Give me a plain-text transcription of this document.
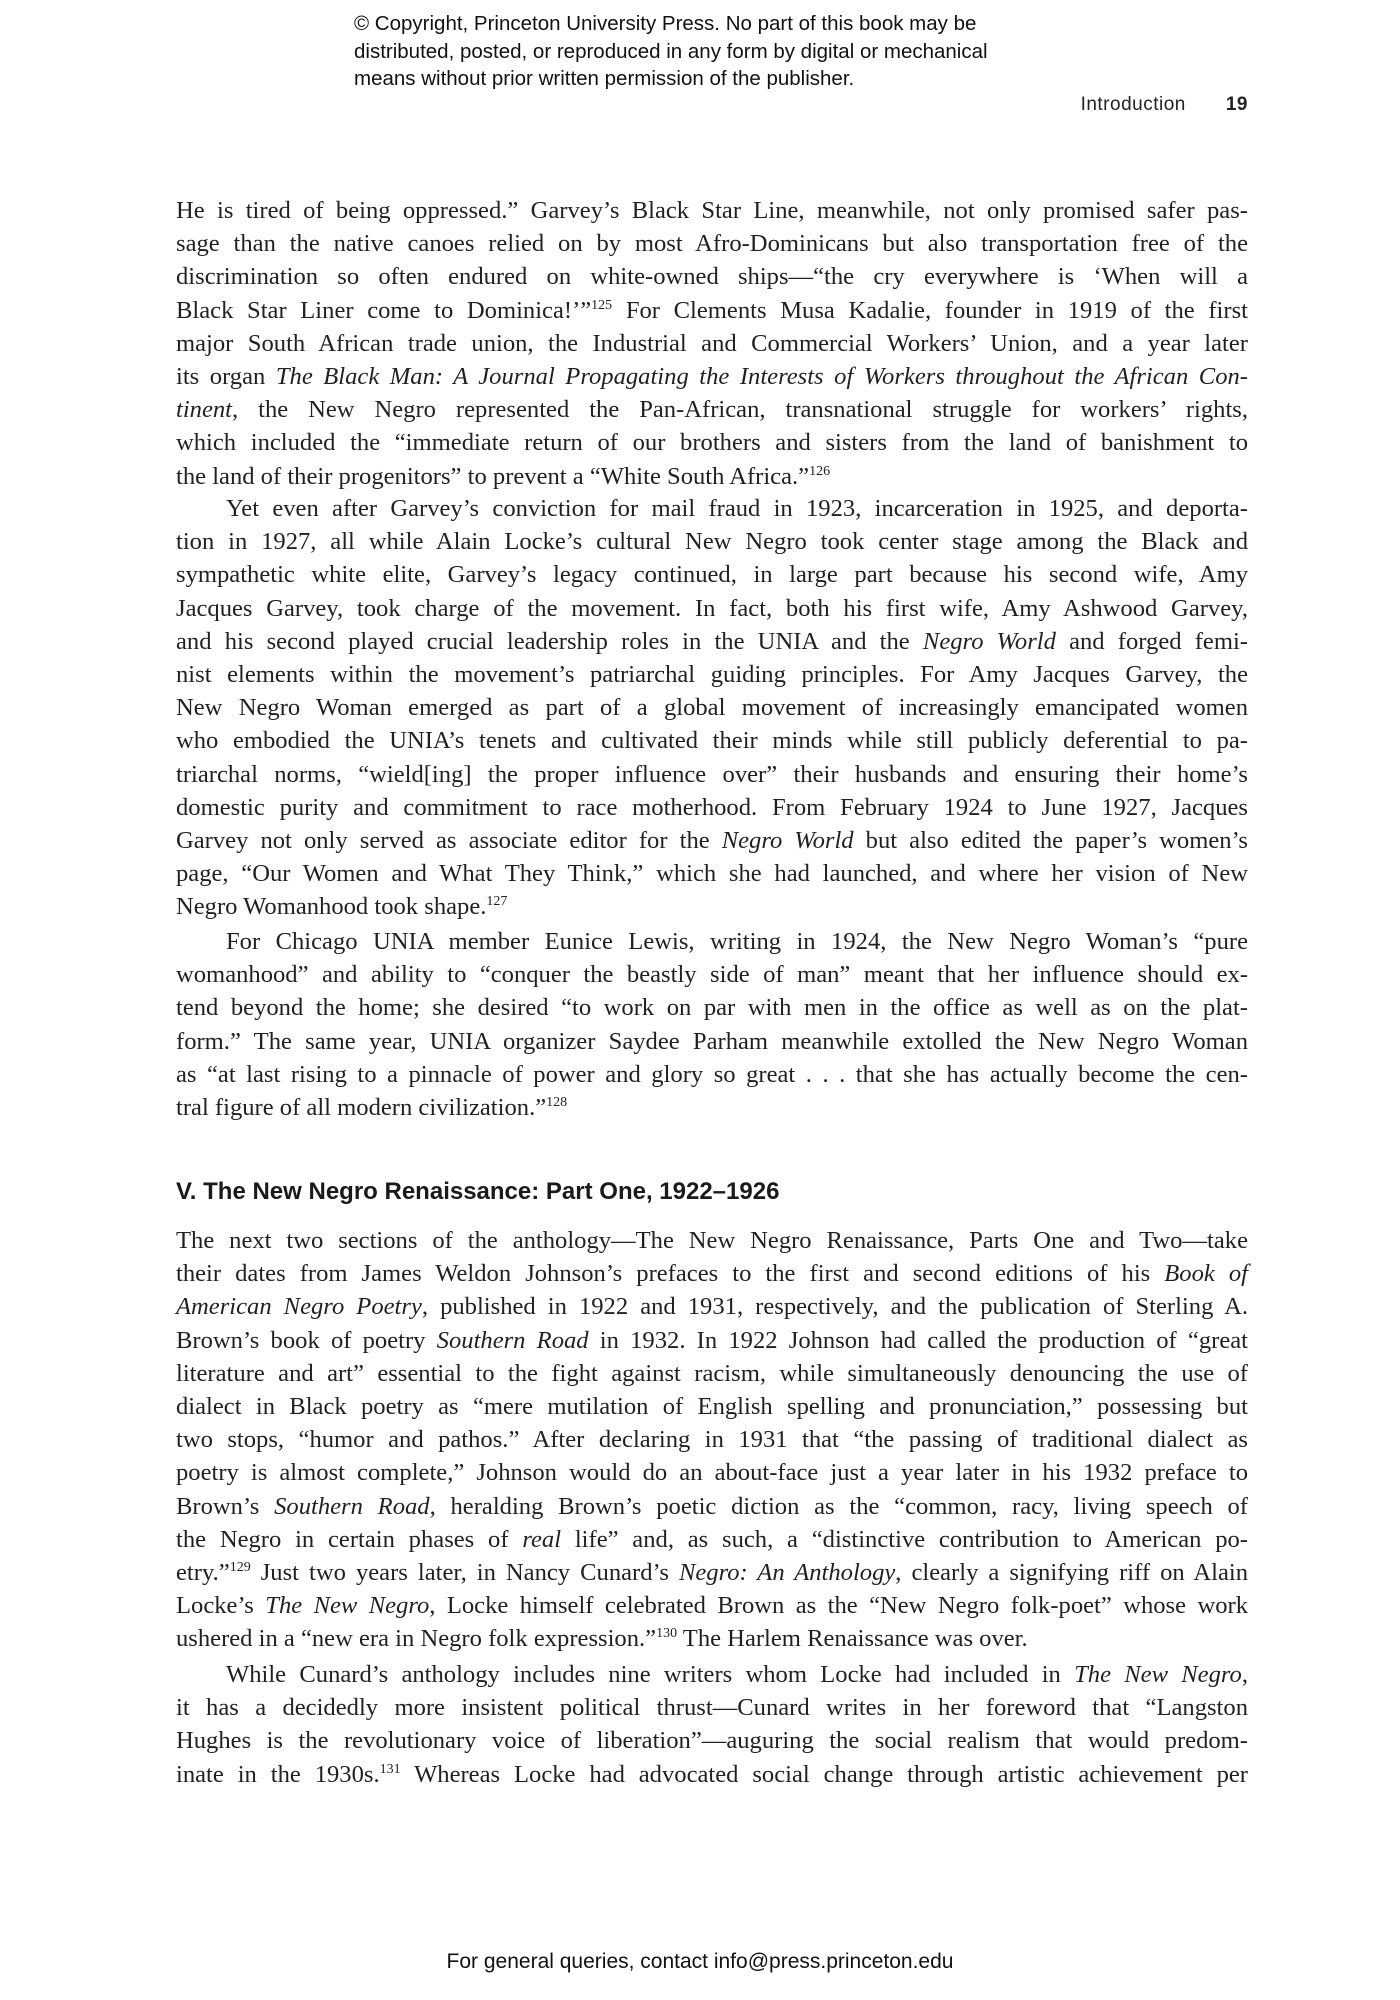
© Copyright, Princeton University Press. No part of this book may be
distributed, posted, or reproduced in any form by digital or mechanical
means without prior written permission of the publisher.
Introduction 19
He is tired of being oppressed.” Garvey’s Black Star Line, meanwhile, not only promised safer pas-
sage than the native canoes relied on by most Afro-Dominicans but also transportation free of the
discrimination so often endured on white-owned ships—“the cry everywhere is ‘When will a
Black Star Liner come to Dominica!’”$^{125}$ For Clements Musa Kadalie, founder in 1919 of the first
major South African trade union, the Industrial and Commercial Workers’ Union, and a year later
its organ The Black Man: A Journal Propagating the Interests of Workers throughout the African Con-
tinent, the New Negro represented the Pan-African, transnational struggle for workers’ rights,
which included the “immediate return of our brothers and sisters from the land of banishment to
the land of their progenitors” to prevent a “White South Africa.”$^{126}$
Yet even after Garvey’s conviction for mail fraud in 1923, incarceration in 1925, and deporta-
tion in 1927, all while Alain Locke’s cultural New Negro took center stage among the Black and
sympathetic white elite, Garvey’s legacy continued, in large part because his second wife, Amy
Jacques Garvey, took charge of the movement. In fact, both his first wife, Amy Ashwood Garvey,
and his second played crucial leadership roles in the UNIA and the Negro World and forged femi-
nist elements within the movement’s patriarchal guiding principles. For Amy Jacques Garvey, the
New Negro Woman emerged as part of a global movement of increasingly emancipated women
who embodied the UNIA’s tenets and cultivated their minds while still publicly deferential to pa-
triarchal norms, “wield[ing] the proper influence over” their husbands and ensuring their home’s
domestic purity and commitment to race motherhood. From February 1924 to June 1927, Jacques
Garvey not only served as associate editor for the Negro World but also edited the paper’s women’s
page, “Our Women and What They Think,” which she had launched, and where her vision of New
Negro Womanhood took shape.$^{127}$
For Chicago UNIA member Eunice Lewis, writing in 1924, the New Negro Woman’s “pure
womanhood” and ability to “conquer the beastly side of man” meant that her influence should ex-
tend beyond the home; she desired “to work on par with men in the office as well as on the plat-
form.” The same year, UNIA organizer Saydee Parham meanwhile extolled the New Negro Woman
as “at last rising to a pinnacle of power and glory so great . . . that she has actually become the cen-
tral figure of all modern civilization.”$^{128}$
V. The New Negro Renaissance: Part One, 1922–1926
The next two sections of the anthology—The New Negro Renaissance, Parts One and Two—take
their dates from James Weldon Johnson’s prefaces to the first and second editions of his Book of
American Negro Poetry, published in 1922 and 1931, respectively, and the publication of Sterling A.
Brown’s book of poetry Southern Road in 1932. In 1922 Johnson had called the production of “great
literature and art” essential to the fight against racism, while simultaneously denouncing the use of
dialect in Black poetry as “mere mutilation of English spelling and pronunciation,” possessing but
two stops, “humor and pathos.” After declaring in 1931 that “the passing of traditional dialect as
poetry is almost complete,” Johnson would do an about-face just a year later in his 1932 preface to
Brown’s Southern Road, heralding Brown’s poetic diction as the “common, racy, living speech of
the Negro in certain phases of real life” and, as such, a “distinctive contribution to American po-
etry.”$^{129}$ Just two years later, in Nancy Cunard’s Negro: An Anthology, clearly a signifying riff on Alain
Locke’s The New Negro, Locke himself celebrated Brown as the “New Negro folk-poet” whose work
ushered in a “new era in Negro folk expression.”$^{130}$ The Harlem Renaissance was over.
While Cunard’s anthology includes nine writers whom Locke had included in The New Negro,
it has a decidedly more insistent political thrust—Cunard writes in her foreword that “Langston
Hughes is the revolutionary voice of liberation”—auguring the social realism that would predom-
inate in the 1930s.$^{131}$ Whereas Locke had advocated social change through artistic achievement per
For general queries, contact info@press.princeton.edu
